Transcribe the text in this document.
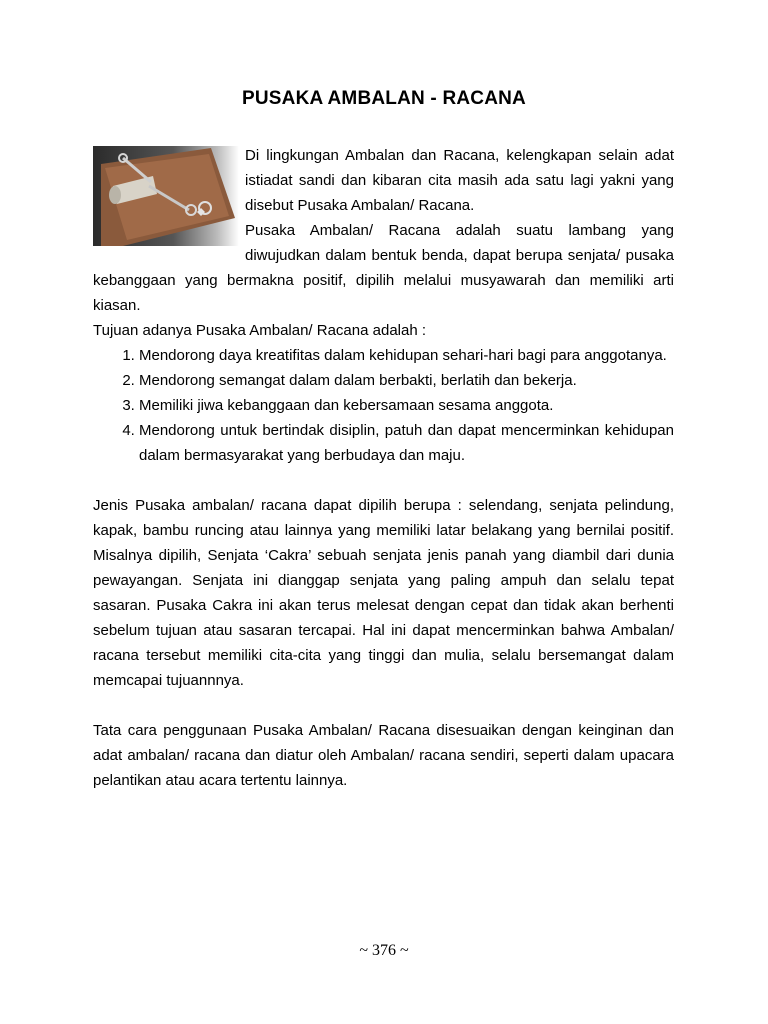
PUSAKA AMBALAN - RACANA

Di lingkungan Ambalan dan Racana, kelengkapan selain adat istiadat sandi dan kibaran cita masih ada satu lagi yakni yang disebut Pusaka Ambalan/ Racana.

Pusaka Ambalan/ Racana adalah suatu lambang yang diwujudkan dalam bentuk benda, dapat berupa senjata/ pusaka kebanggaan yang bermakna positif, dipilih melalui musyawarah dan memiliki arti kiasan.

Tujuan adanya Pusaka Ambalan/ Racana adalah :

1. Mendorong daya kreatifitas dalam kehidupan sehari-hari bagi para anggotanya.
2. Mendorong semangat dalam dalam berbakti, berlatih dan bekerja.
3. Memiliki jiwa kebanggaan dan kebersamaan sesama anggota.
4. Mendorong untuk bertindak disiplin, patuh dan dapat mencerminkan kehidupan dalam bermasyarakat yang berbudaya dan maju.

Jenis Pusaka ambalan/ racana dapat dipilih berupa : selendang, senjata pelindung, kapak, bambu runcing atau lainnya yang memiliki latar belakang yang bernilai positif. Misalnya dipilih, Senjata ‘Cakra’ sebuah senjata jenis panah yang diambil dari dunia pewayangan. Senjata ini dianggap senjata yang paling ampuh dan selalu tepat sasaran. Pusaka Cakra ini akan terus melesat dengan cepat dan tidak akan berhenti sebelum tujuan atau sasaran tercapai. Hal ini dapat mencerminkan bahwa Ambalan/ racana tersebut memiliki cita-cita yang tinggi dan mulia, selalu bersemangat dalam memcapai tujuannnya.

Tata cara penggunaan Pusaka Ambalan/ Racana disesuaikan dengan keinginan dan adat ambalan/ racana dan diatur oleh Ambalan/ racana sendiri, seperti dalam upacara pelantikan atau acara tertentu lainnya.

~ 376 ~
